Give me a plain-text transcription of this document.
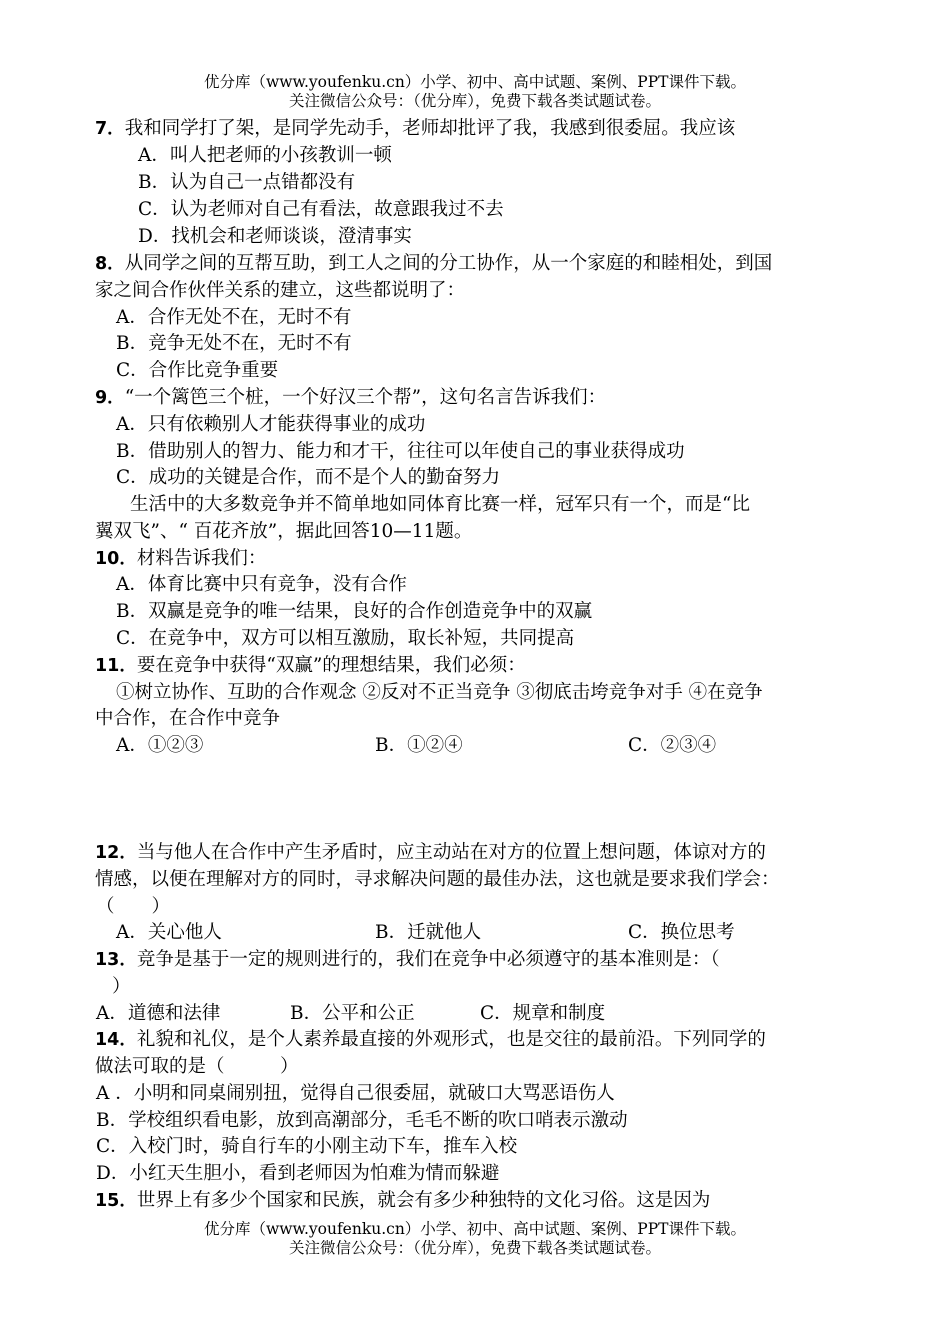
优分库（www.youfenku.cn）小学、初中、高中试题、案例、PPT课件下载。
关注微信公众号：（优分库），免费下载各类试题试卷。
7．我和同学打了架，是同学先动手，老师却批评了我，我感到很委屈。我应该
A．叫人把老师的小孩教训一顿
B．认为自己一点错都没有
C．认为老师对自己有看法，故意跟我过不去
D．找机会和老师谈谈，澄清事实
8．从同学之间的互帮互助，到工人之间的分工协作，从一个家庭的和睦相处，到国
家之间合作伙伴关系的建立，这些都说明了：
A．合作无处不在，无时不有
B．竞争无处不在，无时不有
C．合作比竞争重要
9．“一个篱笆三个桩，一个好汉三个帮”，这句名言告诉我们：
A．只有依赖别人才能获得事业的成功
B．借助别人的智力、能力和才干，往往可以年使自己的事业获得成功
C．成功的关键是合作，而不是个人的勤奋努力
生活中的大多数竞争并不简单地如同体育比赛一样，冠军只有一个，而是“比
翼双飞”、“ 百花齐放”，据此回答10—11题。
10．材料告诉我们：
A．体育比赛中只有竞争，没有合作
B．双赢是竞争的唯一结果，良好的合作创造竞争中的双赢
C．在竞争中，双方可以相互激励，取长补短，共同提高
11．要在竞争中获得“双赢”的理想结果，我们必须：
①树立协作、互助的合作观念 ②反对不正当竞争 ③彻底击垮竞争对手 ④在竞争
中合作，在合作中竞争
A．①②③	B．①②④	C．②③④
12．当与他人在合作中产生矛盾时，应主动站在对方的位置上想问题，体谅对方的
情感，以便在理解对方的同时，寻求解决问题的最佳办法，这也就是要求我们学会：
（　　）
A．关心他人	B．迁就他人	C．换位思考
13．竞争是基于一定的规则进行的，我们在竞争中必须遵守的基本准则是：（
）
A．道德和法律	B．公平和公正	C．规章和制度
14．礼貌和礼仪，是个人素养最直接的外观形式，也是交往的最前沿。下列同学的
做法可取的是（　　　）
A ．小明和同桌闹别扭，觉得自己很委屈，就破口大骂恶语伤人
B．学校组织看电影，放到高潮部分，毛毛不断的吹口哨表示激动
C．入校门时，骑自行车的小刚主动下车，推车入校
D．小红天生胆小，看到老师因为怕难为情而躲避
15．世界上有多少个国家和民族，就会有多少种独特的文化习俗。这是因为
优分库（www.youfenku.cn）小学、初中、高中试题、案例、PPT课件下载。
关注微信公众号：（优分库），免费下载各类试题试卷。
